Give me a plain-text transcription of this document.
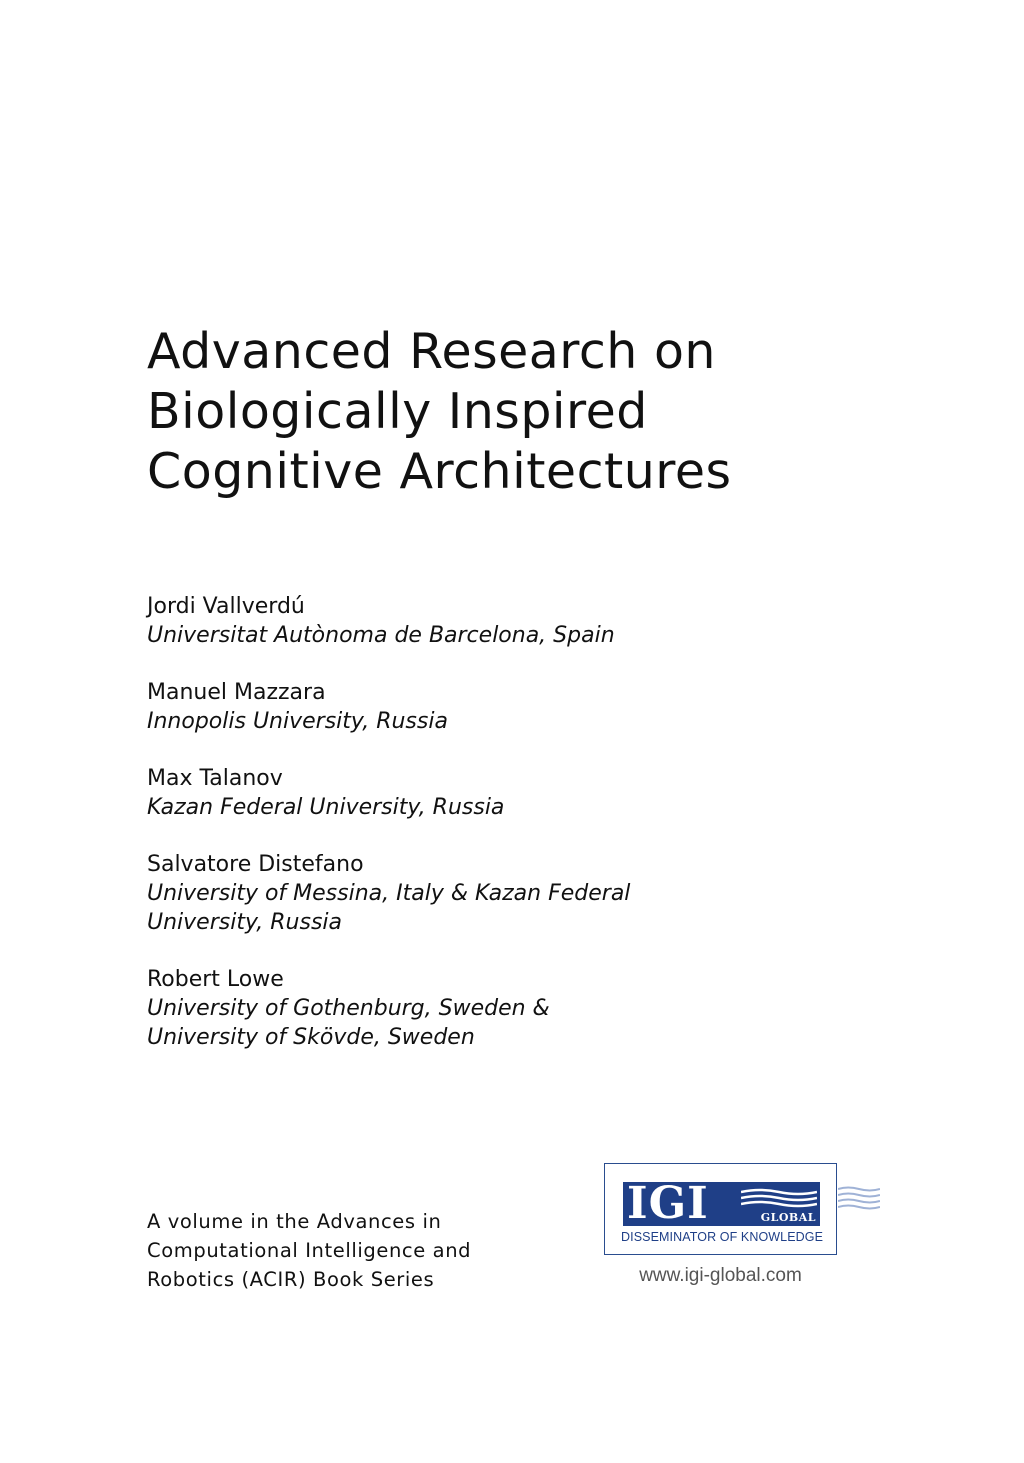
Advanced Research on
Biologically Inspired
Cognitive Architectures
Jordi Vallverdú
Universitat Autònoma de Barcelona, Spain
Manuel Mazzara
Innopolis University, Russia
Max Talanov
Kazan Federal University, Russia
Salvatore Distefano
University of Messina, Italy & Kazan Federal
University, Russia
Robert Lowe
University of Gothenburg, Sweden &
University of Skövde, Sweden
A volume in the Advances in
Computational Intelligence and
Robotics (ACIR) Book Series
IGI	GLOBAL
DISSEMINATOR OF KNOWLEDGE
www.igi-global.com
